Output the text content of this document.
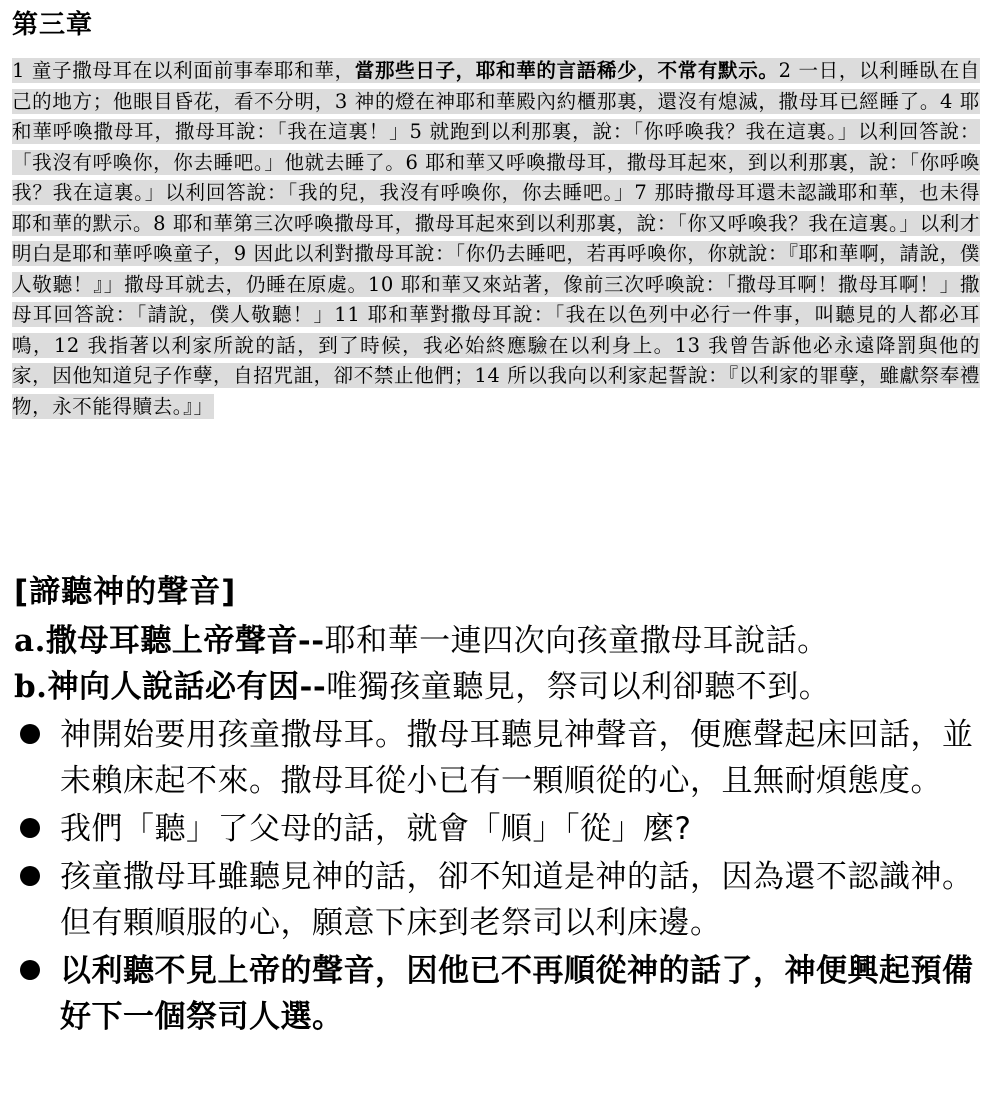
第三章
1 童子撒母耳在以利面前事奉耶和華，當那些日子，耶和華的言語稀少，不常有默示。2 一日，以利睡臥在自己的地方；他眼目昏花，看不分明，3 神的燈在神耶和華殿內約櫃那裏，還沒有熄滅，撒母耳已經睡了。4 耶和華呼喚撒母耳，撒母耳說：「我在這裏！」5 就跑到以利那裏，說：「你呼喚我？我在這裏。」以利回答說：「我沒有呼喚你，你去睡吧。」他就去睡了。6 耶和華又呼喚撒母耳，撒母耳起來，到以利那裏，說：「你呼喚我？我在這裏。」以利回答說：「我的兒，我沒有呼喚你，你去睡吧。」7 那時撒母耳還未認識耶和華，也未得耶和華的默示。8 耶和華第三次呼喚撒母耳，撒母耳起來到以利那裏，說：「你又呼喚我？我在這裏。」以利才明白是耶和華呼喚童子，9 因此以利對撒母耳說：「你仍去睡吧，若再呼喚你，你就說：『耶和華啊，請說，僕人敬聽！』」撒母耳就去，仍睡在原處。10 耶和華又來站著，像前三次呼喚說：「撒母耳啊！撒母耳啊！」撒母耳回答說：「請說，僕人敬聽！」11 耶和華對撒母耳說：「我在以色列中必行一件事，叫聽見的人都必耳鳴，12 我指著以利家所說的話，到了時候，我必始終應驗在以利身上。13 我曾告訴他必永遠降罰與他的家，因他知道兒子作孽，自招咒詛，卻不禁止他們；14 所以我向以利家起誓說：『以利家的罪孽，雖獻祭奉禮物，永不能得贖去。』」
[諦聽神的聲音]
a.撒母耳聽上帝聲音--耶和華一連四次向孩童撒母耳說話。
b.神向人說話必有因--唯獨孩童聽見，祭司以利卻聽不到。
神開始要用孩童撒母耳。撒母耳聽見神聲音，便應聲起床回話，並未賴床起不來。撒母耳從小已有一顆順從的心，且無耐煩態度。
我們「聽」了父母的話，就會「順」「從」麼?
孩童撒母耳雖聽見神的話，卻不知道是神的話，因為還不認識神。但有顆順服的心，願意下床到老祭司以利床邊。
以利聽不見上帝的聲音，因他已不再順從神的話了，神便興起預備好下一個祭司人選。
